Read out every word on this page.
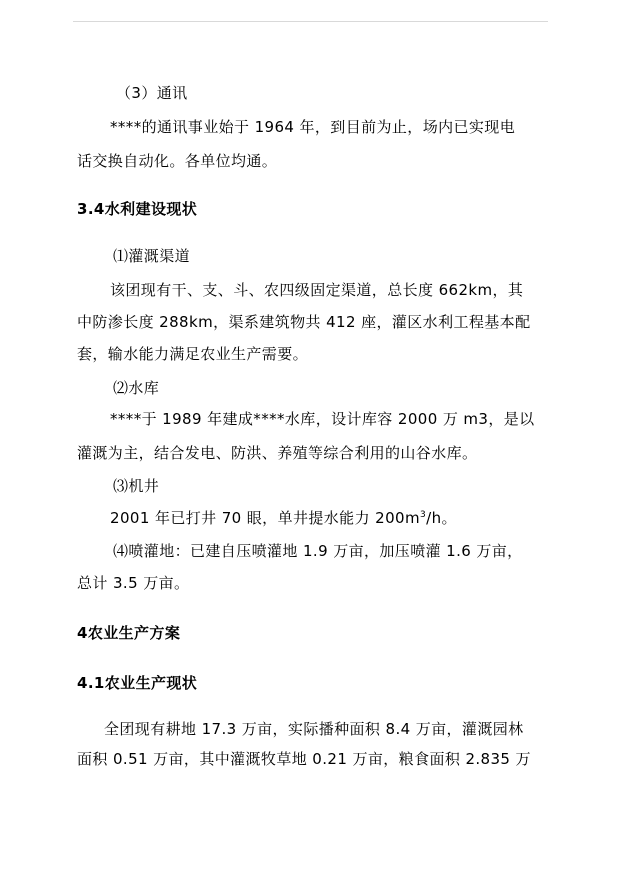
（3）通讯
****的通讯事业始于 1964 年，到目前为止，场内已实现电
话交换自动化。各单位均通。
3.4水利建设现状
⑴灌溉渠道
该团现有干、支、斗、农四级固定渠道，总长度 662km，其
中防渗长度 288km，渠系建筑物共 412 座，灌区水利工程基本配
套，输水能力满足农业生产需要。
⑵水库
****于 1989 年建成****水库，设计库容 2000 万 m3，是以
灌溉为主，结合发电、防洪、养殖等综合利用的山谷水库。
⑶机井
2001 年已打井 70 眼，单井提水能力 $200m^3/h$。
⑷喷灌地：已建自压喷灌地 1.9 万亩，加压喷灌 1.6 万亩，
总计 3.5 万亩。
4农业生产方案
4.1农业生产现状
全团现有耕地 17.3 万亩，实际播种面积 8.4 万亩，灌溉园林
面积 0.51 万亩，其中灌溉牧草地 0.21 万亩，粮食面积 2.835 万
